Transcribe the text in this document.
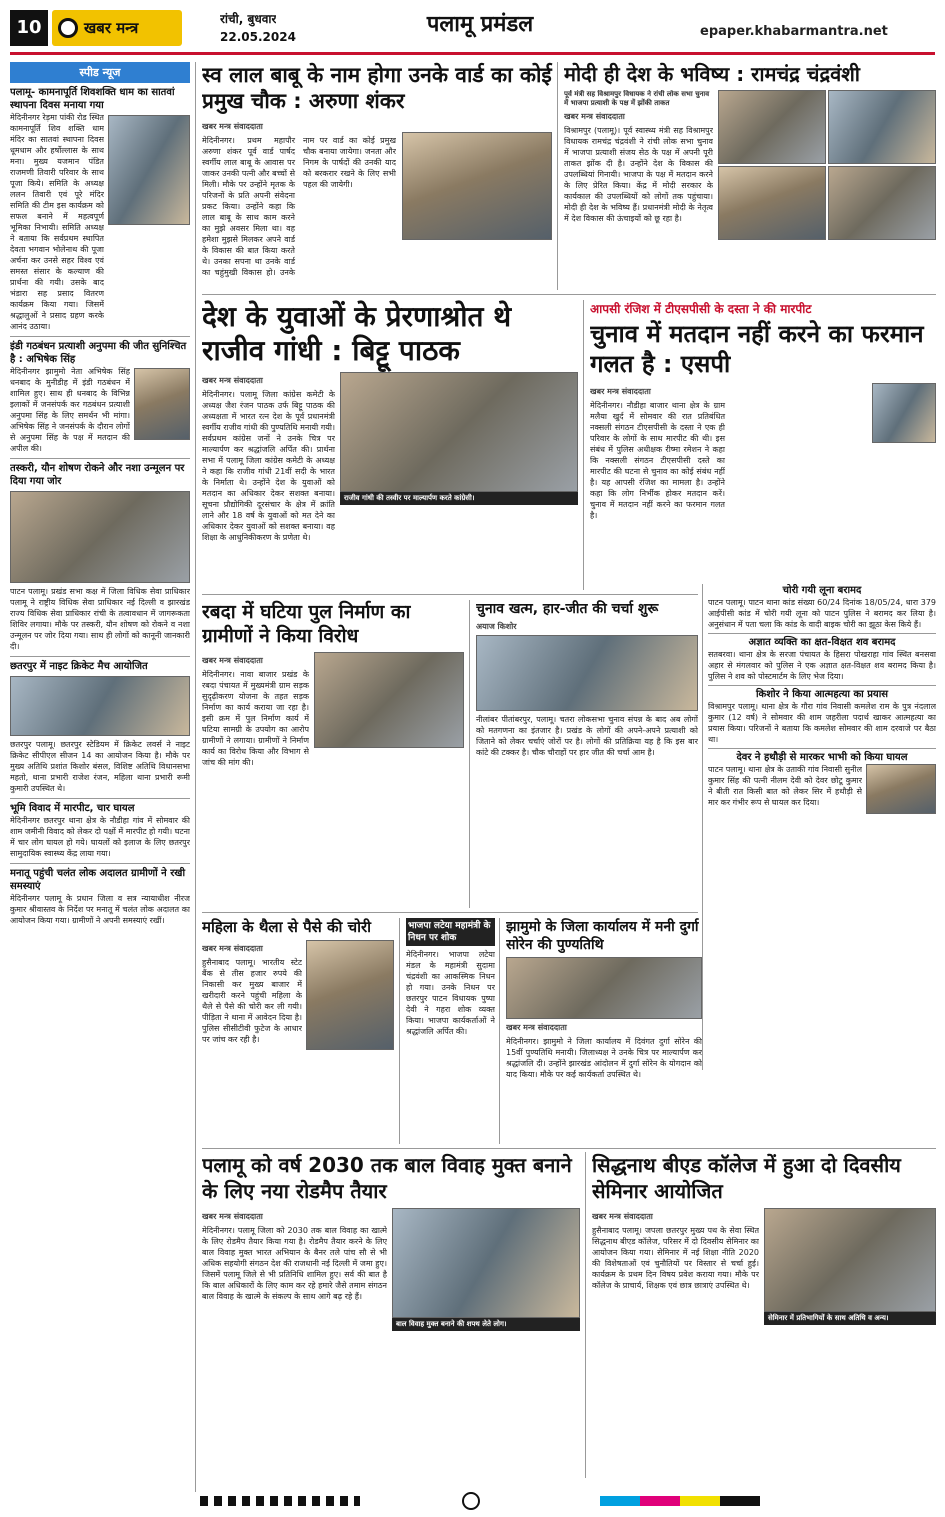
10	खबर मन्त्र	रांची, बुधवार
22.05.2024	पलामू प्रमंडल	epaper.khabarmantra.net
स्पीड न्यूज
पलामू- कामनापूर्ति शिवशक्ति धाम का सातवां स्थापना दिवस मनाया गया
मेदिनीनगर रेड़मा पांकी रोड स्थित कामनापूर्ति शिव शक्ति धाम मंदिर का सातवां स्थापना दिवस धूमधाम और हर्षोल्लास के साथ मना। मुख्य यजमान पंडित राजमणी तिवारी परिवार के साथ पूजा किये। समिति के अध्यक्ष ललन तिवारी एवं पूरे मंदिर समिति की टीम इस कार्यक्रम को सफल बनाने में महत्वपूर्ण भूमिका निभायी। समिति अध्यक्ष ने बताया कि सर्वप्रथम स्थापित देवता भगवान भोलेनाथ की पूजा अर्चना कर उनसे सहर विश्व एवं समस्त संसार के कल्याण की प्रार्थना की गयी। उसके बाद भंडारा सह प्रसाद वितरण कार्यक्रम किया गया। जिसमें श्रद्धालुओं ने प्रसाद ग्रहण करके आनंद उठाया।
इंडी गठबंधन प्रत्याशी अनुपमा की जीत सुनिश्चित है : अभिषेक सिंह
मेदिनीनगर झामुमो नेता अभिषेक सिंह धनबाद के मुनीडीह में इंडी गठबंधन में शामिल हुए। साथ ही धनबाद के विभिन्न इलाकों में जनसंपर्क कर गठबंधन प्रत्याशी अनुपमा सिंह के लिए समर्थन भी मांगा। अभिषेक सिंह ने जनसंपर्क के दौरान लोगों से अनुपमा सिंह के पक्ष में मतदान की अपील की।
तस्करी, यौन शोषण रोकने और नशा उन्मूलन पर दिया गया जोर
पाटन पलामू। प्रखंड सभा कक्ष में जिला विधिक सेवा प्राधिकार पलामू ने राष्ट्रीय विधिक सेवा प्राधिकार नई दिल्ली व झारखंड राज्य विधिक सेवा प्राधिकार रांची के तत्वावधान में जागरूकता शिविर लगाया। मौके पर तस्करी, यौन शोषण को रोकने व नशा उन्मूलन पर जोर दिया गया। साथ ही लोगों को कानूनी जानकारी दी।
छतरपुर में नाइट क्रिकेट मैच आयोजित
छतरपुर पलामू। छतरपुर स्टेडियम में क्रिकेट लवर्स ने नाइट क्रिकेट सीपीएल सीजन 14 का आयोजन किया है। मौके पर मुख्य अतिथि प्रशांत किशोर बंसल, विशिष्ट अतिथि विधानसभा महतो, थाना प्रभारी राजेश रंजन, महिला थाना प्रभारी रूमी कुमारी उपस्थित थे।
भूमि विवाद में मारपीट, चार घायल
मेदिनीनगर छतरपुर थाना क्षेत्र के नौडीहा गांव में सोमवार की शाम जमीनी विवाद को लेकर दो पक्षों में मारपीट हो गयी। घटना में चार लोग घायल हो गये। घायलों को इलाज के लिए छतरपुर सामुदायिक स्वास्थ्य केंद्र लाया गया।
मनातू पहुंची चलंत लोक अदालत ग्रामीणों ने रखी समस्याएं
मेदिनीनगर पलामू के प्रधान जिला व सत्र न्यायाधीश नीरज कुमार श्रीवास्तव के निर्देश पर मनातू में चलंत लोक अदालत का आयोजन किया गया। ग्रामीणों ने अपनी समस्याएं रखीं।
स्व लाल बाबू के नाम होगा उनके वार्ड का कोई प्रमुख चौक : अरुणा शंकर
खबर मन्त्र संवाददाता
मेदिनीनगर। प्रथम महापौर अरुणा शंकर पूर्व वार्ड पार्षद स्वर्गीय लाल बाबू के आवास पर जाकर उनकी पत्नी और बच्चों से मिली। मौके पर उन्होंने मृतक के परिजनों के प्रति अपनी संवेदना प्रकट किया। उन्होंने कहा कि लाल बाबू के साथ काम करने का मुझे अवसर मिला था। वह हमेशा मुझसे मिलकर अपने वार्ड के विकास की बात किया करते थे। उनका सपना था उनके वार्ड का चहुंमुखी विकास हो। उनके नाम पर वार्ड का कोई प्रमुख चौक बनाया जायेगा। जनता और निगम के पार्षदों की उनकी याद को बरकरार रखने के लिए सभी पहल की जायेगी।
मोदी ही देश के भविष्य : रामचंद्र चंद्रवंशी
पूर्व मंत्री सह विश्रामपुर विधायक ने रांची लोक सभा चुनाव में भाजपा प्रत्याशी के पक्ष में झोंकी ताकत
खबर मन्त्र संवाददाता
विश्रामपुर (पलामू)। पूर्व स्वास्थ्य मंत्री सह विश्रामपुर विधायक रामचंद्र चंद्रवंशी ने रांची लोक सभा चुनाव में भाजपा प्रत्याशी संजय सेठ के पक्ष में अपनी पूरी ताकत झोंक दी है। उन्होंने देश के विकास की उपलब्धियां गिनायी। भाजपा के पक्ष में मतदान करने के लिए प्रेरित किया। केंद्र में मोदी सरकार के कार्यकाल की उपलब्धियों को लोगों तक पहुंचाया। मोदी ही देश के भविष्य हैं। प्रधानमंत्री मोदी के नेतृत्व में देश विकास की ऊंचाइयों को छू रहा है।
देश के युवाओं के प्रेरणाश्रोत थे राजीव गांधी : बिट्टू पाठक
राजीव गांधी की तस्वीर पर माल्यार्पण करते कांग्रेसी।
खबर मन्त्र संवाददाता
मेदिनीनगर। पलामू जिला कांग्रेस कमेटी के अध्यक्ष जैश रंजन पाठक उर्फ बिट्टू पाठक की अध्यक्षता में भारत रत्न देश के पूर्व प्रधानमंत्री स्वर्गीय राजीव गांधी की पुण्यतिथि मनायी गयी। सर्वप्रथम कांग्रेस जनों ने उनके चित्र पर माल्यार्पण कर श्रद्धांजलि अर्पित की। प्रार्थना सभा में पलामू जिला कांग्रेस कमेटी के अध्यक्ष ने कहा कि राजीव गांधी 21वीं सदी के भारत के निर्माता थे। उन्होंने देश के युवाओं को मतदान का अधिकार देकर सशक्त बनाया। सूचना प्रौद्योगिकी दूरसंचार के क्षेत्र में क्रांति लाने और 18 वर्ष के युवाओं को मत देने का अधिकार देकर युवाओं को सशक्त बनाया। वह शिक्षा के आधुनिकीकरण के प्रणेता थे।
आपसी रंजिश में टीएसपीसी के दस्ता ने की मारपीट
चुनाव में मतदान नहीं करने का फरमान गलत है : एसपी
खबर मन्त्र संवाददाता
मेदिनीनगर। नौडीहा बाजार थाना क्षेत्र के ग्राम मलैया खुर्द में सोमवार की रात प्रतिबंधित नक्सली संगठन टीएसपीसी के दस्ता ने एक ही परिवार के लोगों के साथ मारपीट की थी। इस संबंध में पुलिस अधीक्षक रीष्मा रमेशन ने कहा कि नक्सली संगठन टीएसपीसी दस्ते का मारपीट की घटना से चुनाव का कोई संबंध नहीं है। यह आपसी रंजिश का मामला है। उन्होंने कहा कि लोग निर्भीक होकर मतदान करें। चुनाव में मतदान नहीं करने का फरमान गलत है।
चोरी गयी लूना बरामद
पाटन पलामू। पाटन थाना कांड संख्या 60/24 दिनांक 18/05/24, धारा 379 आईपीसी कांड में चोरी गयी लूना को पाटन पुलिस ने बरामद कर लिया है। अनुसंधान में पता चला कि कांड के वादी बाइक चोरी का झूठा केस किये हैं।
अज्ञात व्यक्ति का क्षत-विक्षत शव बरामद
सतबरवा। थाना क्षेत्र के सरजा पंचायत के हिसरा पोखराहा गांव स्थित बनसवा अहार से मंगलवार को पुलिस ने एक अज्ञात क्षत-विक्षत शव बरामद किया है। पुलिस ने शव को पोस्टमार्टम के लिए भेज दिया।
किशोर ने किया आत्महत्या का प्रयास
विश्रामपुर पलामू। थाना क्षेत्र के गौरा गांव निवासी कमलेश राम के पुत्र नंदलाल कुमार (12 वर्ष) ने सोमवार की शाम जहरीला पदार्थ खाकर आत्महत्या का प्रयास किया। परिजनों ने बताया कि कमलेश सोमवार की शाम दरवाजे पर बैठा था।
देवर ने हथौड़ी से मारकर भाभी को किया घायल
पाटन पलामू। थाना क्षेत्र के उताकी गांव निवासी सुनील कुमार सिंह की पत्नी नीलम देवी को देवर छोटू कुमार ने बीती रात किसी बात को लेकर सिर में हथौड़ी से मार कर गंभीर रूप से घायल कर दिया।
रबदा में घटिया पुल निर्माण का ग्रामीणों ने किया विरोध
खबर मन्त्र संवाददाता
मेदिनीनगर। नावा बाजार प्रखंड के रबदा पंचायत में मुख्यमंत्री ग्राम सड़क सुदृढ़ीकरण योजना के तहत सड़क निर्माण का कार्य कराया जा रहा है। इसी क्रम में पुल निर्माण कार्य में घटिया सामग्री के उपयोग का आरोप ग्रामीणों ने लगाया। ग्रामीणों ने निर्माण कार्य का विरोध किया और विभाग से जांच की मांग की।
चुनाव खत्म, हार-जीत की चर्चा शुरू
अयाज किशोर
नीलांबर पीतांबरपुर, पलामू। चतरा लोकसभा चुनाव संपन्न के बाद अब लोगों को मतगणना का इंतजार है। प्रखंड के लोगों की अपने-अपने प्रत्याशी को जिताने को लेकर चर्चाएं जोरों पर है। लोगों की प्रतिक्रिया यह है कि इस बार कांटे की टक्कर है। चौक चौराहों पर हार जीत की चर्चा आम है।
महिला के थैला से पैसे की चोरी
खबर मन्त्र संवाददाता
हुसैनाबाद पलामू। भारतीय स्टेट बैंक से तीस हजार रुपये की निकासी कर मुख्य बाजार में खरीदारी करने पहुंची महिला के थैले से पैसे की चोरी कर ली गयी। पीड़िता ने थाना में आवेदन दिया है। पुलिस सीसीटीवी फुटेज के आधार पर जांच कर रही है।
भाजपा लटेया महामंत्री के निधन पर शोक
मेदिनीनगर। भाजपा लटेया मंडल के महामंत्री सुदामा चंद्रवंशी का आकस्मिक निधन हो गया। उनके निधन पर छतरपुर पाटन विधायक पुष्पा देवी ने गहरा शोक व्यक्त किया। भाजपा कार्यकर्ताओं ने श्रद्धांजलि अर्पित की।
झामुमो के जिला कार्यालय में मनी दुर्गा सोरेन की पुण्यतिथि
खबर मन्त्र संवाददाता
मेदिनीनगर। झामुमो ने जिला कार्यालय में दिवंगत दुर्गा सोरेन की 15वीं पुण्यतिथि मनायी। जिलाध्यक्ष ने उनके चित्र पर माल्यार्पण कर श्रद्धांजलि दी। उन्होंने झारखंड आंदोलन में दुर्गा सोरेन के योगदान को याद किया। मौके पर कई कार्यकर्ता उपस्थित थे।
पलामू को वर्ष 2030 तक बाल विवाह मुक्त बनाने के लिए नया रोडमैप तैयार
बाल विवाह मुक्त बनाने की शपथ लेते लोग।
खबर मन्त्र संवाददाता
मेदिनीनगर। पलामू जिला को 2030 तक बाल विवाह का खात्मे के लिए रोडमैप तैयार किया गया है। रोडमैप तैयार करने के लिए बाल विवाह मुक्त भारत अभियान के बैनर तले पांच सौ से भी अधिक सहयोगी संगठन देश की राजधानी नई दिल्ली में जमा हुए। जिसमें पलामू जिले से भी प्रतिनिधि शामिल हुए। सर्व की बात है कि बाल अधिकारों के लिए काम कर रहे हमारे जैसे तमाम संगठन बाल विवाह के खात्मे के संकल्प के साथ आगे बढ़ रहे हैं।
सिद्धनाथ बीएड कॉलेज में हुआ दो दिवसीय सेमिनार आयोजित
सेमिनार में प्रतिभागियों के साथ अतिथि व अन्य।
खबर मन्त्र संवाददाता
हुसैनाबाद पलामू। जपला छतरपुर मुख्य पथ के सेवा स्थित सिद्धनाथ बीएड कॉलेज, परिसर में दो दिवसीय सेमिनार का आयोजन किया गया। सेमिनार में नई शिक्षा नीति 2020 की विशेषताओं एवं चुनौतियों पर विस्तार से चर्चा हुई। कार्यक्रम के प्रथम दिन विषय प्रवेश कराया गया। मौके पर कॉलेज के प्राचार्य, शिक्षक एवं छात्र छात्राएं उपस्थित थे।
